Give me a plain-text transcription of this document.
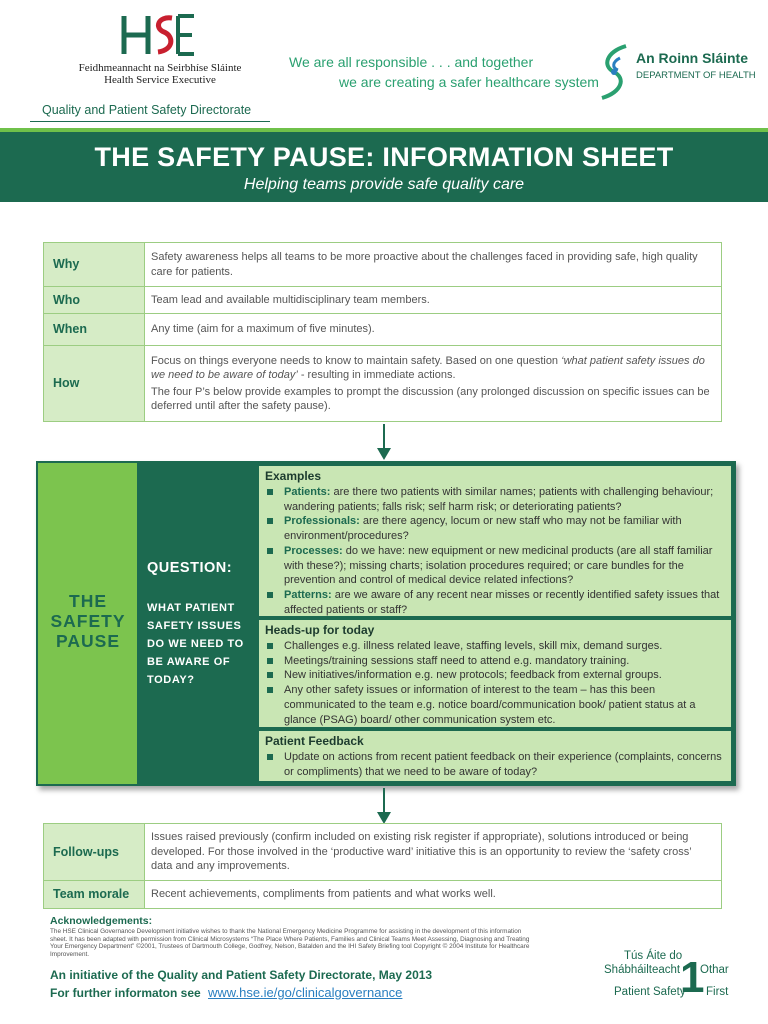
Feidhmeannacht na Seirbhíse Sláinte
Health Service Executive
Quality and Patient Safety Directorate
We are all responsible . . . and together
we are creating a safer healthcare system
An Roinn Sláinte
DEPARTMENT OF HEALTH
THE SAFETY PAUSE: INFORMATION SHEET
Helping teams provide safe quality care
Why	Safety awareness helps all teams to be more proactive about the challenges faced in providing safe, high quality care for patients.
Who	Team lead and available multidisciplinary team members.
When	Any time (aim for a maximum of five minutes).
How	Focus on things everyone needs to know to maintain safety. Based on one question ‘what patient safety issues do we need to be aware of today’ - resulting in immediate actions.
The four P’s below provide examples to prompt the discussion (any prolonged discussion on specific issues can be deferred until after the safety pause).
THE
SAFETY
PAUSE
QUESTION:
WHAT PATIENT SAFETY ISSUES DO WE NEED TO BE AWARE OF TODAY?
Examples
Patients: are there two patients with similar names; patients with challenging behaviour; wandering patients; falls risk; self harm risk; or deteriorating patients?
Professionals: are there agency, locum or new staff who may not be familiar with environment/procedures?
Processes: do we have: new equipment or new medicinal products (are all staff familiar with these?); missing charts; isolation procedures required; or care bundles for the prevention and control of medical device related infections?
Patterns: are we aware of any recent near misses or recently identified safety issues that affected patients or staff?
Heads-up for today
Challenges e.g. illness related leave, staffing levels, skill mix, demand surges.
Meetings/training sessions staff need to attend e.g. mandatory training.
New initiatives/information e.g. new protocols; feedback from external groups.
Any other safety issues or information of interest to the team – has this been communicated to the team e.g. notice board/communication book/ patient status at a glance (PSAG) board/ other communication system etc.
Patient Feedback
Update on actions from recent patient feedback on their experience (complaints, concerns or compliments) that we need to be aware of today?
Follow-ups	Issues raised previously (confirm included on existing risk register if appropriate), solutions introduced or being developed. For those involved in the ‘productive ward’ initiative this is an opportunity to review the ‘safety cross’ data and any improvements.
Team morale	Recent achievements, compliments from patients and what works well.
Acknowledgements:
The HSE Clinical Governance Development initiative wishes to thank the National Emergency Medicine Programme for assisting in the development of this information sheet. It has been adapted with permission from Clinical Microsystems “The Place Where Patients, Families and Clinical Teams Meet Assessing, Diagnosing and Treating Your Emergency Department” ©2001, Trustees of Dartmouth College, Godfrey, Nelson, Batalden and the IHI Safety Briefing tool Copyright © 2004 Institute for Healthcare Improvement.
An initiative of the Quality and Patient Safety Directorate, May 2013
For further informaton see www.hse.ie/go/clinicalgovernance
Tús Áite do
Shábháilteacht 1
Othar
Patient Safety First
